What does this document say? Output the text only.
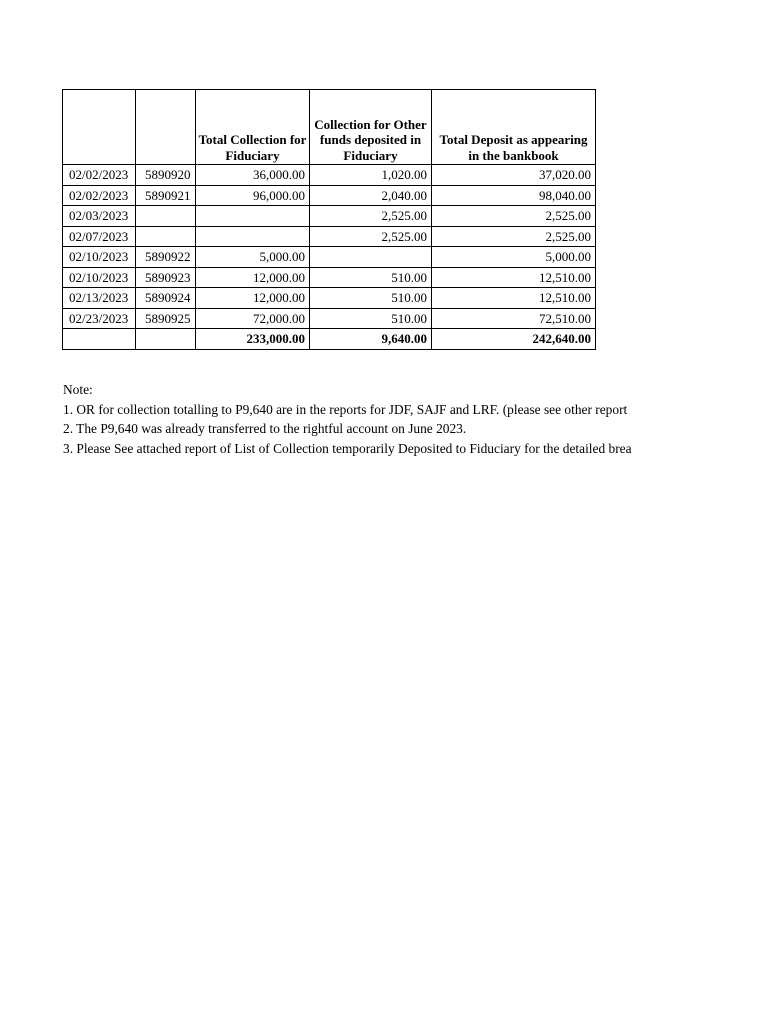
		Total Collection for Fiduciary	Collection for Other funds deposited in Fiduciary	Total Deposit as appearing in the bankbook
02/02/2023	5890920	36,000.00	1,020.00	37,020.00
02/02/2023	5890921	96,000.00	2,040.00	98,040.00
02/03/2023			2,525.00	2,525.00
02/07/2023			2,525.00	2,525.00
02/10/2023	5890922	5,000.00		5,000.00
02/10/2023	5890923	12,000.00	510.00	12,510.00
02/13/2023	5890924	12,000.00	510.00	12,510.00
02/23/2023	5890925	72,000.00	510.00	72,510.00
		233,000.00	9,640.00	242,640.00
Note:
1. OR for collection totalling to P9,640 are in the reports for JDF, SAJF and LRF. (please see other report
2. The P9,640 was already transferred to the rightful account on June 2023.
3. Please See attached report of List of Collection temporarily Deposited to Fiduciary for the detailed brea
